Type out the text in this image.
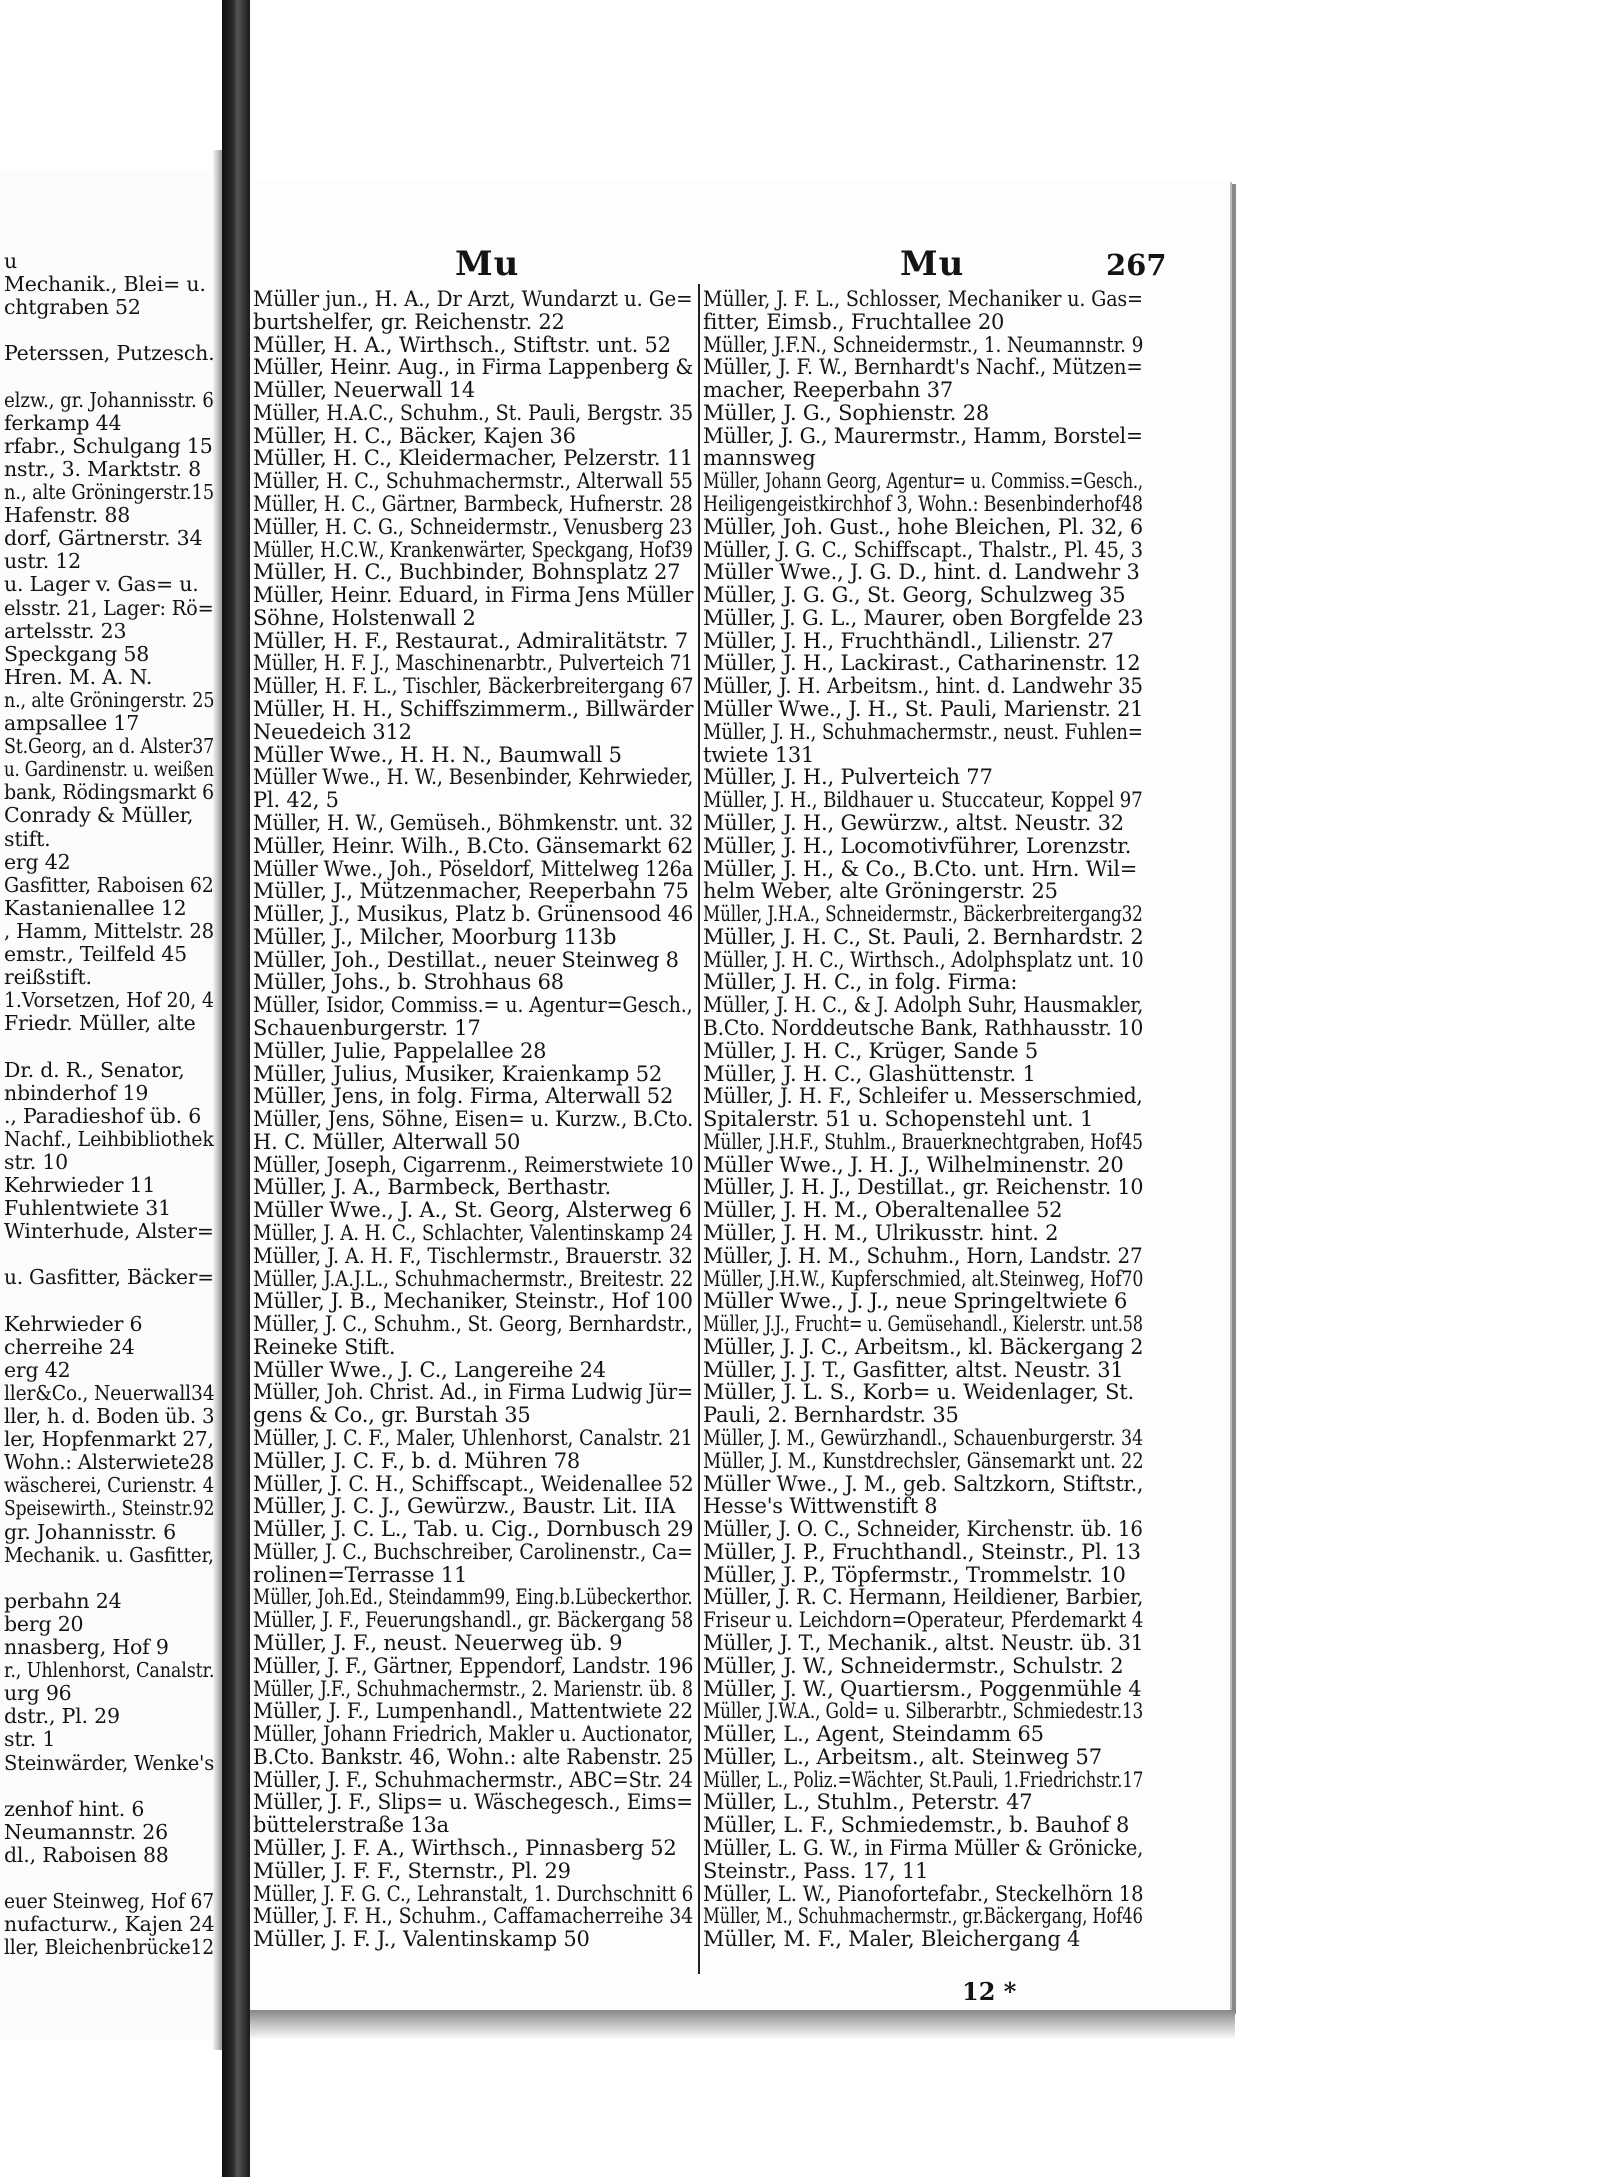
Mu	Mu	267
u
Mechanik., Blei= u.
chtgraben 52
Peterssen, Putzesch.
elzw., gr. Johannisstr. 6
ferkamp 44
rfabr., Schulgang 15
nstr., 3. Marktstr. 8
n., alte Gröningerstr.15
Hafenstr. 88
dorf, Gärtnerstr. 34
ustr. 12
u. Lager v. Gas= u.
elsstr. 21, Lager: Rö=
artelsstr. 23
Speckgang 58
Hren. M. A. N.
n., alte Gröningerstr. 25
ampsallee 17
St.Georg, an d. Alster37
u. Gardinenstr. u. weißen
bank, Rödingsmarkt 6
Conrady & Müller,
stift.
erg 42
Gasfitter, Raboisen 62
Kastanienallee 12
, Hamm, Mittelstr. 28
emstr., Teilfeld 45
reißstift.
1.Vorsetzen, Hof 20, 4
Friedr. Müller, alte
Dr. d. R., Senator,
nbinderhof 19
., Paradieshof üb. 6
Nachf., Leihbibliothek
str. 10
Kehrwieder 11
Fuhlentwiete 31
Winterhude, Alster=
u. Gasfitter, Bäcker=
Kehrwieder 6
cherreihe 24
erg 42
ller&Co., Neuerwall34
ller, h. d. Boden üb. 3
ler, Hopfenmarkt 27,
Wohn.: Alsterwiete28
wäscherei, Curienstr. 4
Speisewirth., Steinstr.92
gr. Johannisstr. 6
Mechanik. u. Gasfitter,
perbahn 24
berg 20
nnasberg, Hof 9
r., Uhlenhorst, Canalstr.
urg 96
dstr., Pl. 29
str. 1
Steinwärder, Wenke's
zenhof hint. 6
Neumannstr. 26
dl., Raboisen 88
euer Steinweg, Hof 67
nufacturw., Kajen 24
ller, Bleichenbrücke12
Müller jun., H. A., Dr Arzt, Wundarzt u. Ge=
burtshelfer, gr. Reichenstr. 22
Müller, H. A., Wirthsch., Stiftstr. unt. 52
Müller, Heinr. Aug., in Firma Lappenberg &
Müller, Neuerwall 14
Müller, H.A.C., Schuhm., St. Pauli, Bergstr. 35
Müller, H. C., Bäcker, Kajen 36
Müller, H. C., Kleidermacher, Pelzerstr. 11
Müller, H. C., Schuhmachermstr., Alterwall 55
Müller, H. C., Gärtner, Barmbeck, Hufnerstr. 28
Müller, H. C. G., Schneidermstr., Venusberg 23
Müller, H.C.W., Krankenwärter, Speckgang, Hof39
Müller, H. C., Buchbinder, Bohnsplatz 27
Müller, Heinr. Eduard, in Firma Jens Müller
Söhne, Holstenwall 2
Müller, H. F., Restaurat., Admiralitätstr. 7
Müller, H. F. J., Maschinenarbtr., Pulverteich 71
Müller, H. F. L., Tischler, Bäckerbreitergang 67
Müller, H. H., Schiffszimmerm., Billwärder
Neuedeich 312
Müller Wwe., H. H. N., Baumwall 5
Müller Wwe., H. W., Besenbinder, Kehrwieder,
Pl. 42, 5
Müller, H. W., Gemüseh., Böhmkenstr. unt. 32
Müller, Heinr. Wilh., B.Cto. Gänsemarkt 62
Müller Wwe., Joh., Pöseldorf, Mittelweg 126a
Müller, J., Mützenmacher, Reeperbahn 75
Müller, J., Musikus, Platz b. Grünensood 46
Müller, J., Milcher, Moorburg 113b
Müller, Joh., Destillat., neuer Steinweg 8
Müller, Johs., b. Strohhaus 68
Müller, Isidor, Commiss.= u. Agentur=Gesch.,
Schauenburgerstr. 17
Müller, Julie, Pappelallee 28
Müller, Julius, Musiker, Kraienkamp 52
Müller, Jens, in folg. Firma, Alterwall 52
Müller, Jens, Söhne, Eisen= u. Kurzw., B.Cto.
H. C. Müller, Alterwall 50
Müller, Joseph, Cigarrenm., Reimerstwiete 10
Müller, J. A., Barmbeck, Berthastr.
Müller Wwe., J. A., St. Georg, Alsterweg 6
Müller, J. A. H. C., Schlachter, Valentinskamp 24
Müller, J. A. H. F., Tischlermstr., Brauerstr. 32
Müller, J.A.J.L., Schuhmachermstr., Breitestr. 22
Müller, J. B., Mechaniker, Steinstr., Hof 100
Müller, J. C., Schuhm., St. Georg, Bernhardstr.,
Reineke Stift.
Müller Wwe., J. C., Langereihe 24
Müller, Joh. Christ. Ad., in Firma Ludwig Jür=
gens & Co., gr. Burstah 35
Müller, J. C. F., Maler, Uhlenhorst, Canalstr. 21
Müller, J. C. F., b. d. Mühren 78
Müller, J. C. H., Schiffscapt., Weidenallee 52
Müller, J. C. J., Gewürzw., Baustr. Lit. IIA
Müller, J. C. L., Tab. u. Cig., Dornbusch 29
Müller, J. C., Buchschreiber, Carolinenstr., Ca=
rolinen=Terrasse 11
Müller, Joh.Ed., Steindamm99, Eing.b.Lübeckerthor.
Müller, J. F., Feuerungshandl., gr. Bäckergang 58
Müller, J. F., neust. Neuerweg üb. 9
Müller, J. F., Gärtner, Eppendorf, Landstr. 196
Müller, J.F., Schuhmachermstr., 2. Marienstr. üb. 8
Müller, J. F., Lumpenhandl., Mattentwiete 22
Müller, Johann Friedrich, Makler u. Auctionator,
B.Cto. Bankstr. 46, Wohn.: alte Rabenstr. 25
Müller, J. F., Schuhmachermstr., ABC=Str. 24
Müller, J. F., Slips= u. Wäschegesch., Eims=
büttelerstraße 13a
Müller, J. F. A., Wirthsch., Pinnasberg 52
Müller, J. F. F., Sternstr., Pl. 29
Müller, J. F. G. C., Lehranstalt, 1. Durchschnitt 6
Müller, J. F. H., Schuhm., Caffamacherreihe 34
Müller, J. F. J., Valentinskamp 50
Müller, J. F. L., Schlosser, Mechaniker u. Gas=
fitter, Eimsb., Fruchtallee 20
Müller, J.F.N., Schneidermstr., 1. Neumannstr. 9
Müller, J. F. W., Bernhardt's Nachf., Mützen=
macher, Reeperbahn 37
Müller, J. G., Sophienstr. 28
Müller, J. G., Maurermstr., Hamm, Borstel=
mannsweg
Müller, Johann Georg, Agentur= u. Commiss.=Gesch.,
Heiligengeistkirchhof 3, Wohn.: Besenbinderhof48
Müller, Joh. Gust., hohe Bleichen, Pl. 32, 6
Müller, J. G. C., Schiffscapt., Thalstr., Pl. 45, 3
Müller Wwe., J. G. D., hint. d. Landwehr 3
Müller, J. G. G., St. Georg, Schulzweg 35
Müller, J. G. L., Maurer, oben Borgfelde 23
Müller, J. H., Fruchthändl., Lilienstr. 27
Müller, J. H., Lackirast., Catharinenstr. 12
Müller, J. H. Arbeitsm., hint. d. Landwehr 35
Müller Wwe., J. H., St. Pauli, Marienstr. 21
Müller, J. H., Schuhmachermstr., neust. Fuhlen=
twiete 131
Müller, J. H., Pulverteich 77
Müller, J. H., Bildhauer u. Stuccateur, Koppel 97
Müller, J. H., Gewürzw., altst. Neustr. 32
Müller, J. H., Locomotivführer, Lorenzstr.
Müller, J. H., & Co., B.Cto. unt. Hrn. Wil=
helm Weber, alte Gröningerstr. 25
Müller, J.H.A., Schneidermstr., Bäckerbreitergang32
Müller, J. H. C., St. Pauli, 2. Bernhardstr. 2
Müller, J. H. C., Wirthsch., Adolphsplatz unt. 10
Müller, J. H. C., in folg. Firma:
Müller, J. H. C., & J. Adolph Suhr, Hausmakler,
B.Cto. Norddeutsche Bank, Rathhausstr. 10
Müller, J. H. C., Krüger, Sande 5
Müller, J. H. C., Glashüttenstr. 1
Müller, J. H. F., Schleifer u. Messerschmied,
Spitalerstr. 51 u. Schopenstehl unt. 1
Müller, J.H.F., Stuhlm., Brauerknechtgraben, Hof45
Müller Wwe., J. H. J., Wilhelminenstr. 20
Müller, J. H. J., Destillat., gr. Reichenstr. 10
Müller, J. H. M., Oberaltenallee 52
Müller, J. H. M., Ulrikusstr. hint. 2
Müller, J. H. M., Schuhm., Horn, Landstr. 27
Müller, J.H.W., Kupferschmied, alt.Steinweg, Hof70
Müller Wwe., J. J., neue Springeltwiete 6
Müller, J.J., Frucht= u. Gemüsehandl., Kielerstr. unt.58
Müller, J. J. C., Arbeitsm., kl. Bäckergang 2
Müller, J. J. T., Gasfitter, altst. Neustr. 31
Müller, J. L. S., Korb= u. Weidenlager, St.
Pauli, 2. Bernhardstr. 35
Müller, J. M., Gewürzhandl., Schauenburgerstr. 34
Müller, J. M., Kunstdrechsler, Gänsemarkt unt. 22
Müller Wwe., J. M., geb. Saltzkorn, Stiftstr.,
Hesse's Wittwenstift 8
Müller, J. O. C., Schneider, Kirchenstr. üb. 16
Müller, J. P., Fruchthandl., Steinstr., Pl. 13
Müller, J. P., Töpfermstr., Trommelstr. 10
Müller, J. R. C. Hermann, Heildiener, Barbier,
Friseur u. Leichdorn=Operateur, Pferdemarkt 4
Müller, J. T., Mechanik., altst. Neustr. üb. 31
Müller, J. W., Schneidermstr., Schulstr. 2
Müller, J. W., Quartiersm., Poggenmühle 4
Müller, J.W.A., Gold= u. Silberarbtr., Schmiedestr.13
Müller, L., Agent, Steindamm 65
Müller, L., Arbeitsm., alt. Steinweg 57
Müller, L., Poliz.=Wächter, St.Pauli, 1.Friedrichstr.17
Müller, L., Stuhlm., Peterstr. 47
Müller, L. F., Schmiedemstr., b. Bauhof 8
Müller, L. G. W., in Firma Müller & Grönicke,
Steinstr., Pass. 17, 11
Müller, L. W., Pianofortefabr., Steckelhörn 18
Müller, M., Schuhmachermstr., gr.Bäckergang, Hof46
Müller, M. F., Maler, Bleichergang 4
12 *
